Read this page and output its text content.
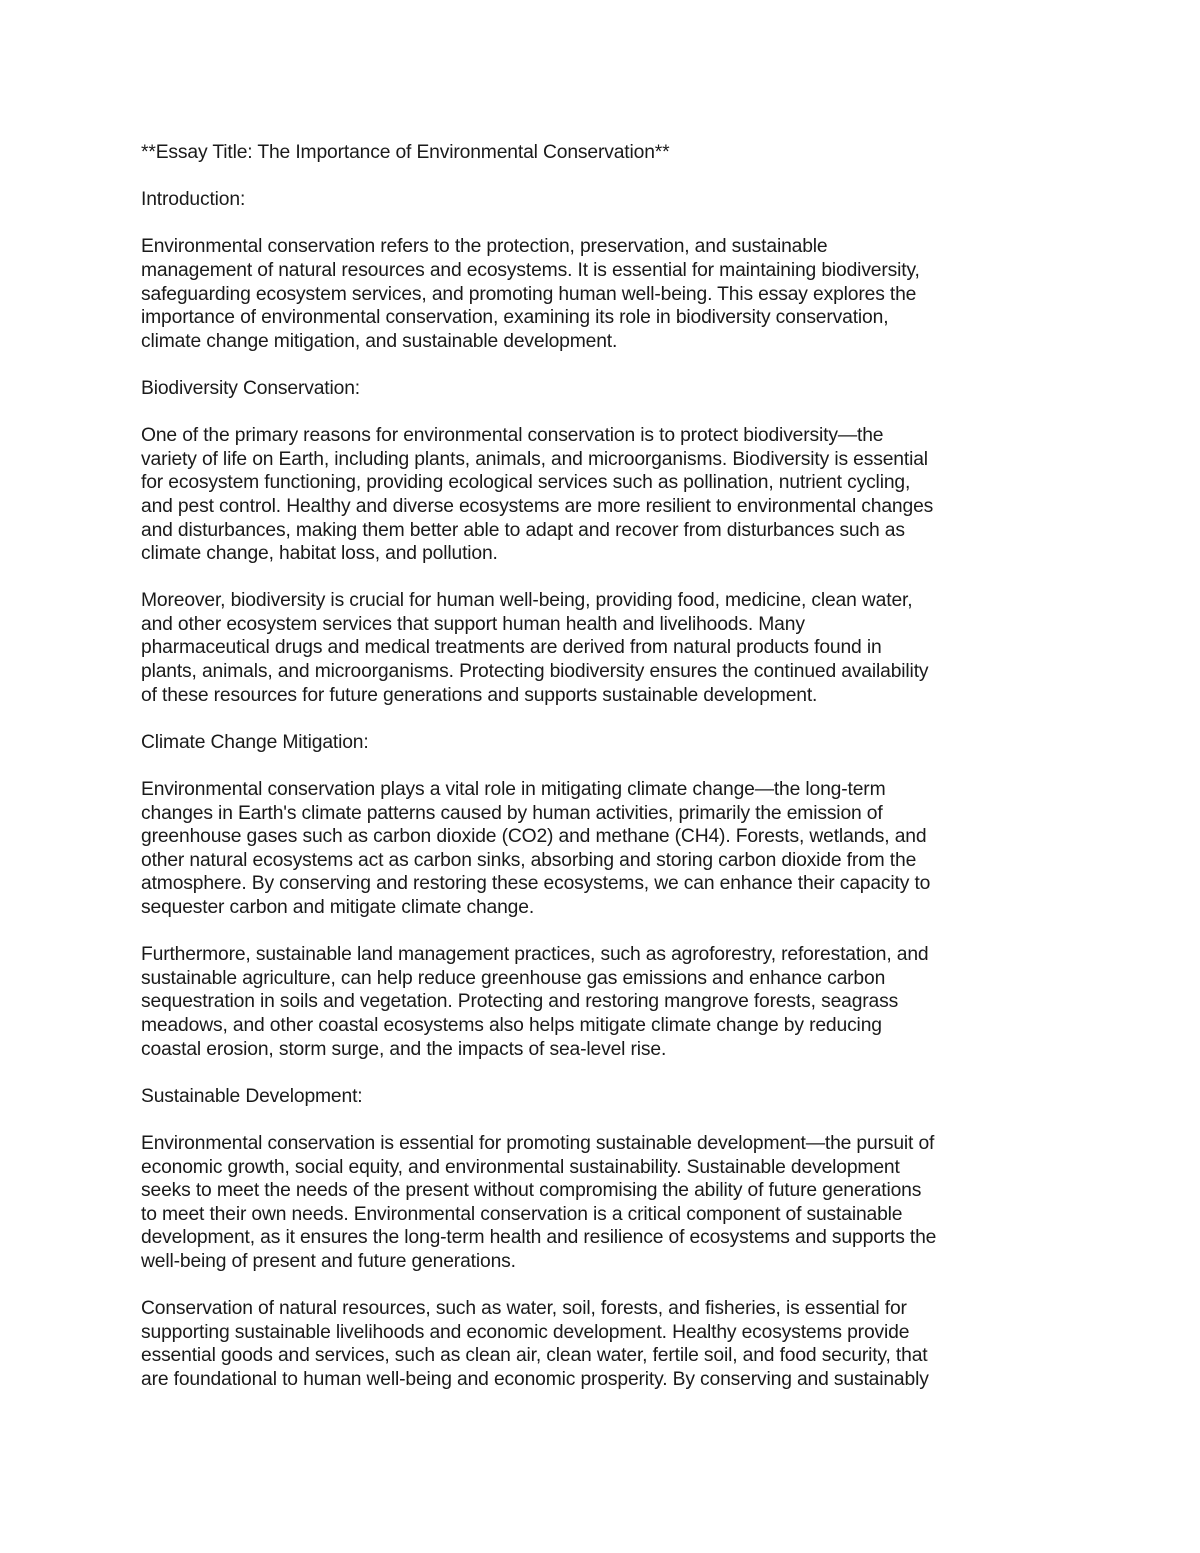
**Essay Title: The Importance of Environmental Conservation**

Introduction:

Environmental conservation refers to the protection, preservation, and sustainable
management of natural resources and ecosystems. It is essential for maintaining biodiversity,
safeguarding ecosystem services, and promoting human well-being. This essay explores the
importance of environmental conservation, examining its role in biodiversity conservation,
climate change mitigation, and sustainable development.

Biodiversity Conservation:

One of the primary reasons for environmental conservation is to protect biodiversity—the
variety of life on Earth, including plants, animals, and microorganisms. Biodiversity is essential
for ecosystem functioning, providing ecological services such as pollination, nutrient cycling,
and pest control. Healthy and diverse ecosystems are more resilient to environmental changes
and disturbances, making them better able to adapt and recover from disturbances such as
climate change, habitat loss, and pollution.

Moreover, biodiversity is crucial for human well-being, providing food, medicine, clean water,
and other ecosystem services that support human health and livelihoods. Many
pharmaceutical drugs and medical treatments are derived from natural products found in
plants, animals, and microorganisms. Protecting biodiversity ensures the continued availability
of these resources for future generations and supports sustainable development.

Climate Change Mitigation:

Environmental conservation plays a vital role in mitigating climate change—the long-term
changes in Earth's climate patterns caused by human activities, primarily the emission of
greenhouse gases such as carbon dioxide (CO2) and methane (CH4). Forests, wetlands, and
other natural ecosystems act as carbon sinks, absorbing and storing carbon dioxide from the
atmosphere. By conserving and restoring these ecosystems, we can enhance their capacity to
sequester carbon and mitigate climate change.

Furthermore, sustainable land management practices, such as agroforestry, reforestation, and
sustainable agriculture, can help reduce greenhouse gas emissions and enhance carbon
sequestration in soils and vegetation. Protecting and restoring mangrove forests, seagrass
meadows, and other coastal ecosystems also helps mitigate climate change by reducing
coastal erosion, storm surge, and the impacts of sea-level rise.

Sustainable Development:

Environmental conservation is essential for promoting sustainable development—the pursuit of
economic growth, social equity, and environmental sustainability. Sustainable development
seeks to meet the needs of the present without compromising the ability of future generations
to meet their own needs. Environmental conservation is a critical component of sustainable
development, as it ensures the long-term health and resilience of ecosystems and supports the
well-being of present and future generations.

Conservation of natural resources, such as water, soil, forests, and fisheries, is essential for
supporting sustainable livelihoods and economic development. Healthy ecosystems provide
essential goods and services, such as clean air, clean water, fertile soil, and food security, that
are foundational to human well-being and economic prosperity. By conserving and sustainably
